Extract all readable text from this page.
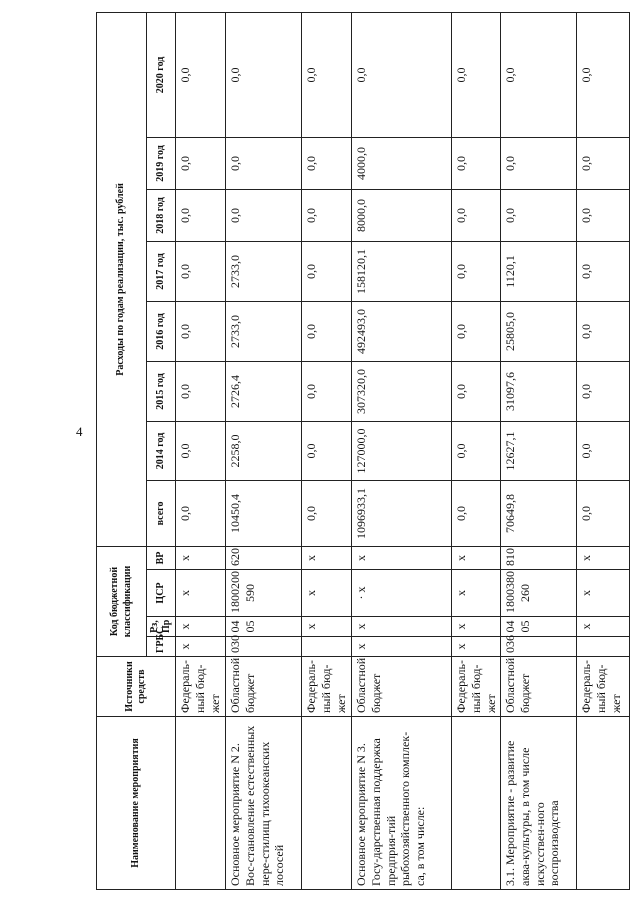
4
Наименование мероприятия	Источники средств	Код бюджетной классификации				Расходы по годам реализации, тыс. рублей							
		ГРБС	Рз, Пр	ЦСР	ВР	всего	2014 год	2015 год	2016 год	2017 год	2018 год	2019 год	2020 год
	Федераль-ный бюд-жет	x	x	x	x	0,0	0,0	0,0	0,0	0,0	0,0	0,0	0,0
Основное мероприятие N 2. Вос-становление естественных нере-стилищ тихоокеанских лососей	Областной бюджет	030	04 05	1800200 590	620	10450,4	2258,0	2726,4	2733,0	2733,0	0,0	0,0	0,0
	Федераль-ный бюд-жет		x	x	x	0,0	0,0	0,0	0,0	0,0	0,0	0,0	0,0
Основное мероприятие N 3. Госу-дарственная поддержка предприя-тий рыбохозяйственного комплек-са, в том числе:	Областной бюджет	x	x	· x	x	1096933,1	127000,0	307320,0	492493,0	158120,1	8000,0	4000,0	0,0
	Федераль-ный бюд-жет	x	x	x	x	0,0	0,0	0,0	0,0	0,0	0,0	0,0	0,0
3.1. Мероприятие - развитие аква-культуры, в том числе искусствен-ного воспроизводства	Областной бюджет	036	04 05	1800380 260	810	70649,8	12627,1	31097,6	25805,0	1120,1	0,0	0,0	0,0
	Федераль-ный бюд-жет		x	x	x	0,0	0,0	0,0	0,0	0,0	0,0	0,0	0,0
